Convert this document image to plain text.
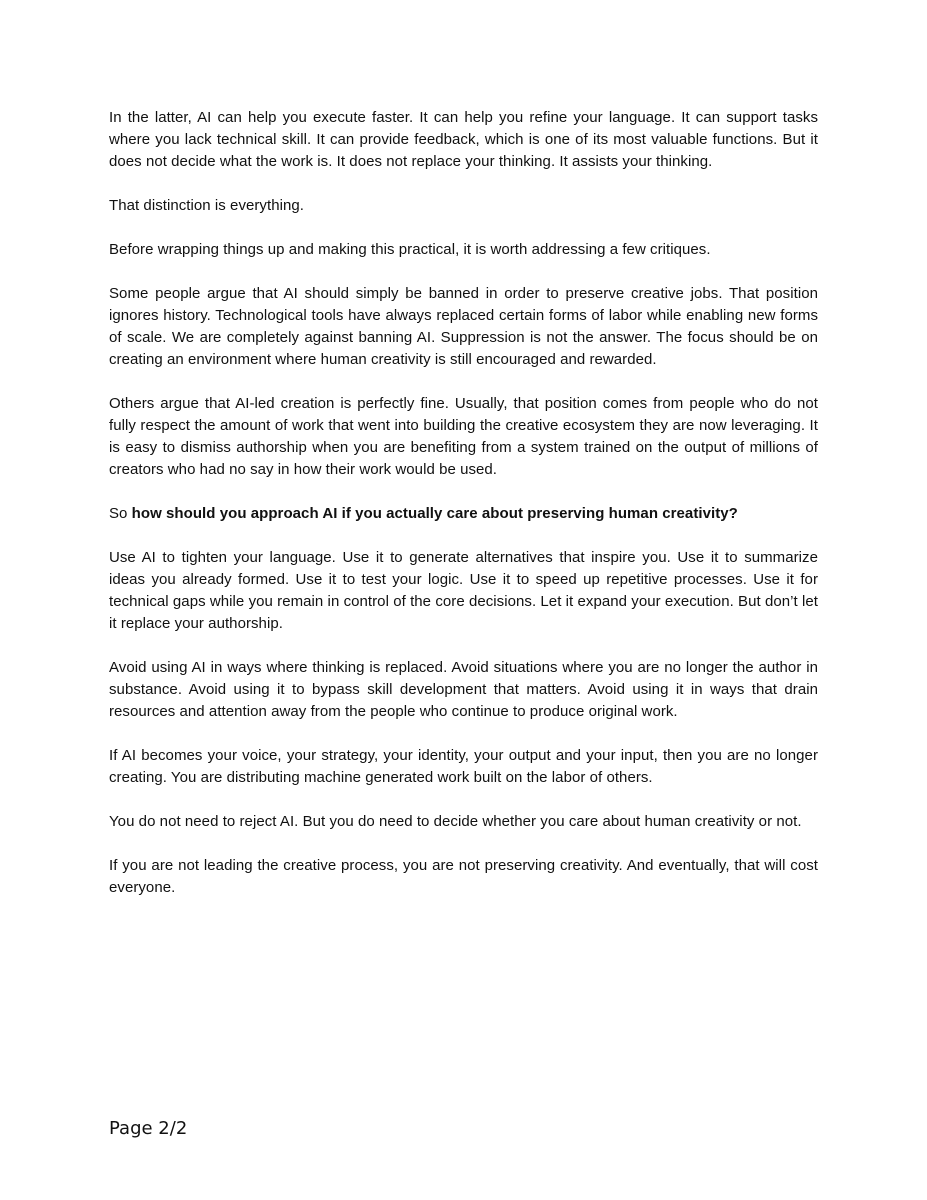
In the latter, AI can help you execute faster. It can help you refine your language. It can support tasks where you lack technical skill. It can provide feedback, which is one of its most valuable functions. But it does not decide what the work is. It does not replace your thinking. It assists your thinking.

That distinction is everything.

Before wrapping things up and making this practical, it is worth addressing a few critiques.

Some people argue that AI should simply be banned in order to preserve creative jobs. That position ignores history. Technological tools have always replaced certain forms of labor while enabling new forms of scale. We are completely against banning AI. Suppression is not the answer. The focus should be on creating an environment where human creativity is still encouraged and rewarded.

Others argue that AI-led creation is perfectly fine. Usually, that position comes from people who do not fully respect the amount of work that went into building the creative ecosystem they are now leveraging. It is easy to dismiss authorship when you are benefiting from a system trained on the output of millions of creators who had no say in how their work would be used.

So how should you approach AI if you actually care about preserving human creativity?

Use AI to tighten your language. Use it to generate alternatives that inspire you. Use it to summarize ideas you already formed. Use it to test your logic. Use it to speed up repetitive processes. Use it for technical gaps while you remain in control of the core decisions. Let it expand your execution. But don’t let it replace your authorship.

Avoid using AI in ways where thinking is replaced. Avoid situations where you are no longer the author in substance. Avoid using it to bypass skill development that matters. Avoid using it in ways that drain resources and attention away from the people who continue to produce original work.

If AI becomes your voice, your strategy, your identity, your output and your input, then you are no longer creating. You are distributing machine generated work built on the labor of others.

You do not need to reject AI. But you do need to decide whether you care about human creativity or not.

If you are not leading the creative process, you are not preserving creativity. And eventually, that will cost everyone.

Page 2/2
